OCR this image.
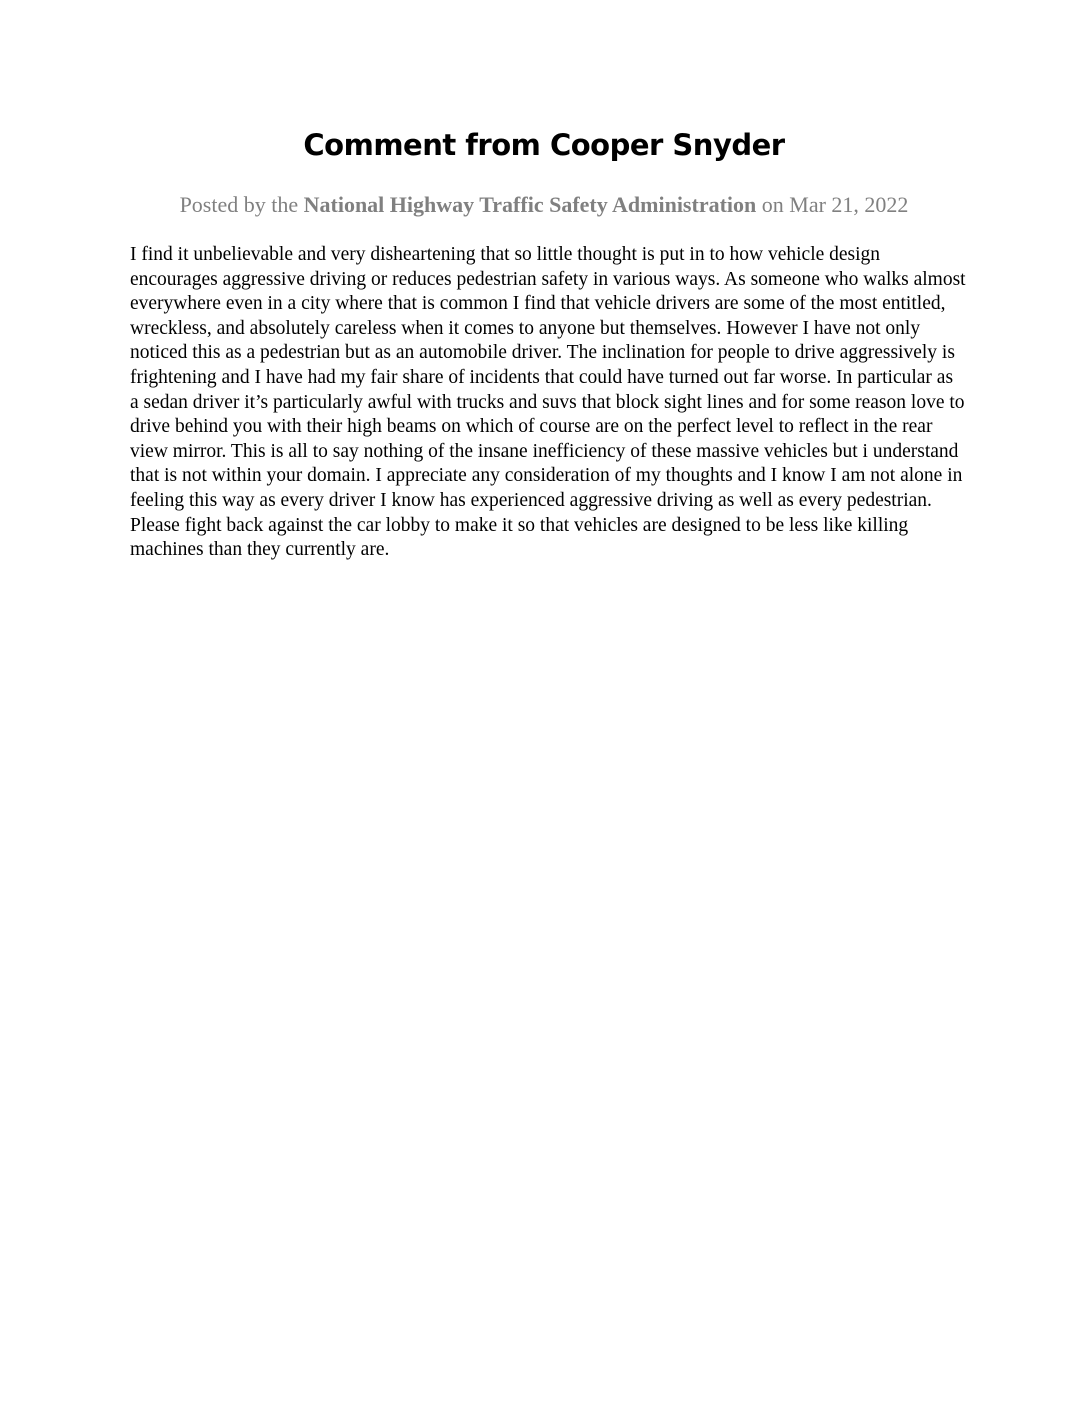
Comment from Cooper Snyder

Posted by the National Highway Traffic Safety Administration on Mar 21, 2022

I find it unbelievable and very disheartening that so little thought is put in to how vehicle design encourages aggressive driving or reduces pedestrian safety in various ways. As someone who walks almost everywhere even in a city where that is common I find that vehicle drivers are some of the most entitled, wreckless, and absolutely careless when it comes to anyone but themselves. However I have not only noticed this as a pedestrian but as an automobile driver. The inclination for people to drive aggressively is frightening and I have had my fair share of incidents that could have turned out far worse. In particular as a sedan driver it’s particularly awful with trucks and suvs that block sight lines and for some reason love to drive behind you with their high beams on which of course are on the perfect level to reflect in the rear view mirror. This is all to say nothing of the insane inefficiency of these massive vehicles but i understand that is not within your domain. I appreciate any consideration of my thoughts and I know I am not alone in feeling this way as every driver I know has experienced aggressive driving as well as every pedestrian. Please fight back against the car lobby to make it so that vehicles are designed to be less like killing machines than they currently are.
